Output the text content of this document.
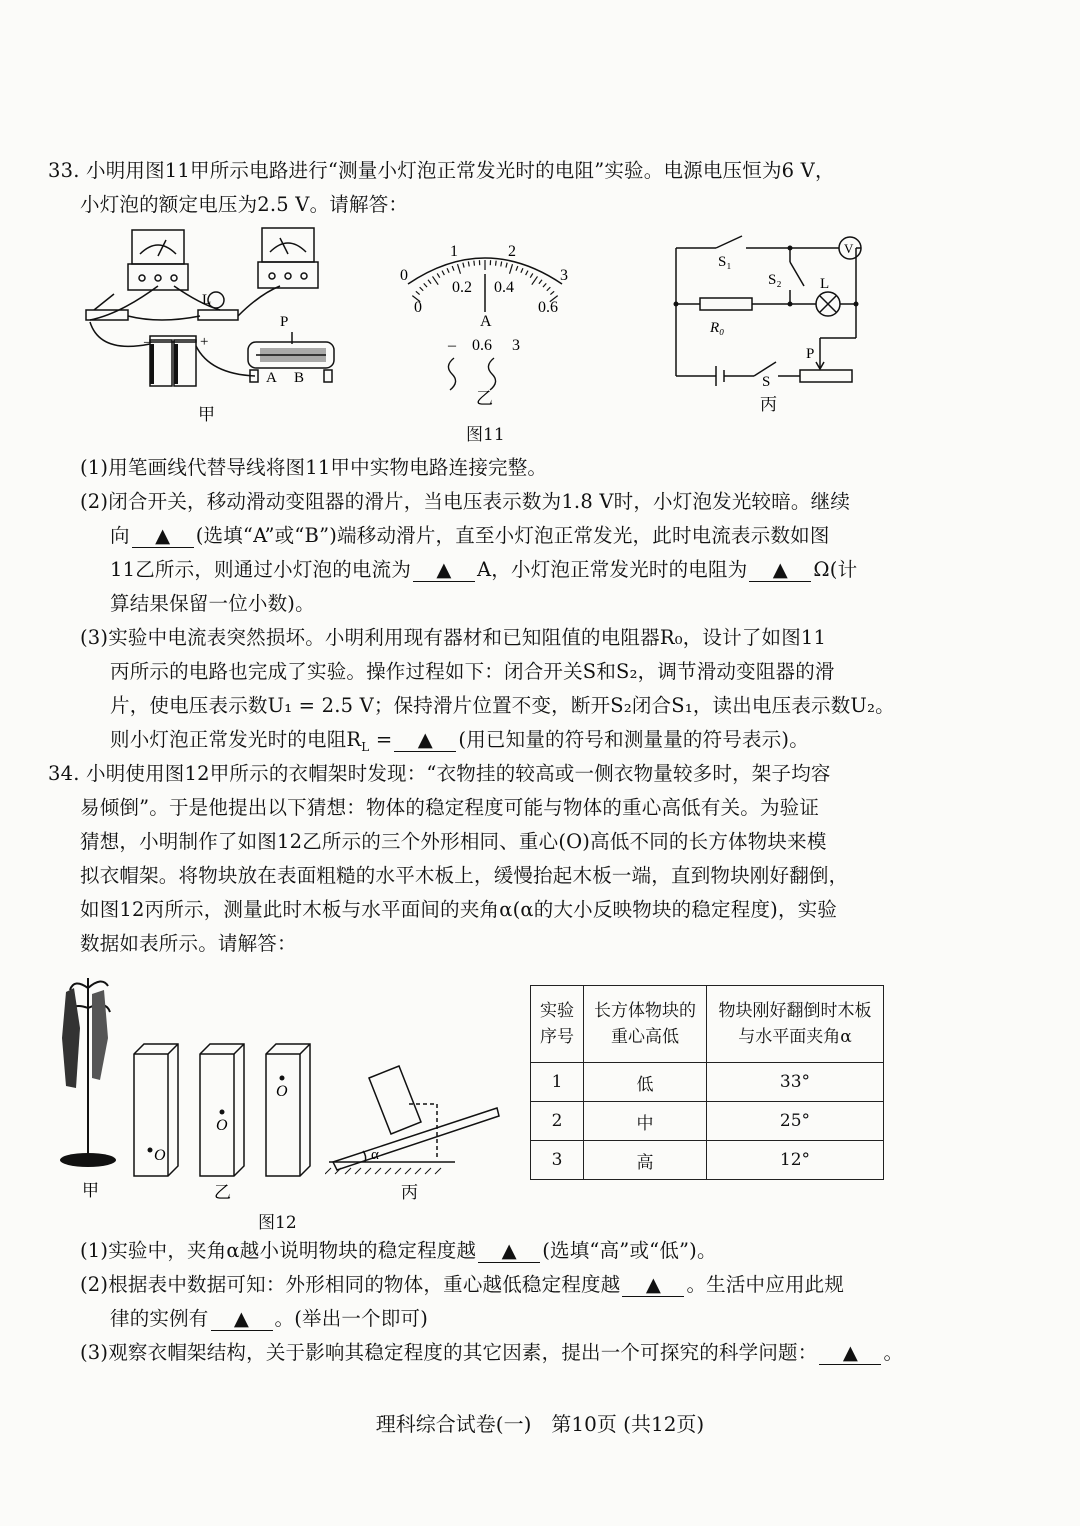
33. 小明用图11甲所示电路进行“测量小灯泡正常发光时的电阻”实验。电源电压恒为6 V，
小灯泡的额定电压为2.5 V。请解答：
L
P
A B
–	+
甲
0
1	2
3
0
0.2 0.4
0.6
A
– 0.6 3
乙
图11
S₁
S₂
V
L
R₀
P
S
丙
(1)用笔画线代替导线将图11甲中实物电路连接完整。
(2)闭合开关，移动滑动变阻器的滑片，当电压表示数为1.8 V时，小灯泡发光较暗。继续
向 ▲ (选填“A”或“B”)端移动滑片，直至小灯泡正常发光，此时电流表示数如图
11乙所示，则通过小灯泡的电流为 ▲ A，小灯泡正常发光时的电阻为 ▲ Ω(计
算结果保留一位小数)。
(3)实验中电流表突然损坏。小明利用现有器材和已知阻值的电阻器R₀，设计了如图11
丙所示的电路也完成了实验。操作过程如下：闭合开关S和S₂，调节滑动变阻器的滑
片，使电压表示数U₁ = 2.5 V；保持滑片位置不变，断开S₂闭合S₁，读出电压表示数U₂。
则小灯泡正常发光时的电阻$R_L$ = ▲ (用已知量的符号和测量量的符号表示)。
34. 小明使用图12甲所示的衣帽架时发现：“衣物挂的较高或一侧衣物量较多时，架子均容
易倾倒”。于是他提出以下猜想：物体的稳定程度可能与物体的重心高低有关。为验证
猜想，小明制作了如图12乙所示的三个外形相同、重心(O)高低不同的长方体物块来模
拟衣帽架。将物块放在表面粗糙的水平木板上，缓慢抬起木板一端，直到物块刚好翻倒，
如图12丙所示，测量此时木板与水平面间的夹角α(α的大小反映物块的稳定程度)，实验
数据如表所示。请解答：
甲
O
O
O
乙
α
丙
图12
实验序号	长方体物块的重心高低	物块刚好翻倒时木板与水平面夹角α

1	低	33°
2	中	25°
3	高	12°
(1)实验中，夹角α越小说明物块的稳定程度越 ▲ (选填“高”或“低”)。
(2)根据表中数据可知：外形相同的物体，重心越低稳定程度越 ▲ 。生活中应用此规
律的实例有 ▲ 。(举出一个即可)
(3)观察衣帽架结构，关于影响其稳定程度的其它因素，提出一个可探究的科学问题： ▲ 。
理科综合试卷(一)　第10页 (共12页)
